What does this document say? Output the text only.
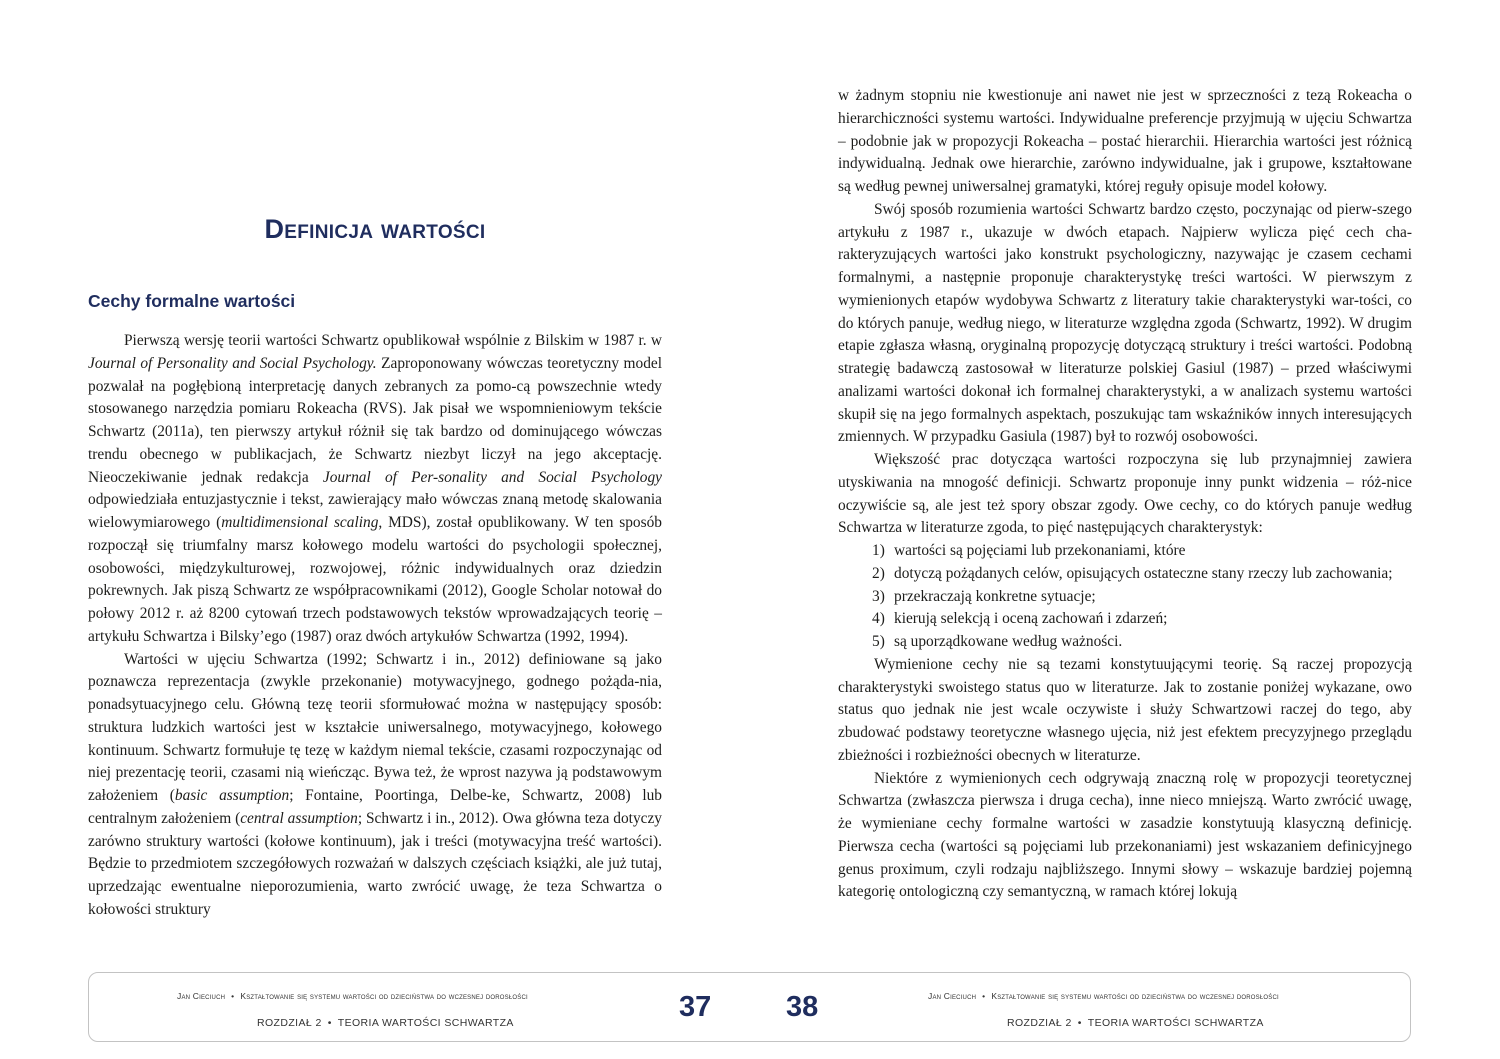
Definicja wartości
Cechy formalne wartości

Pierwszą wersję teorii wartości Schwartz opublikował wspólnie z Bilskim w 1987 r. w Journal of Personality and Social Psychology. Zaproponowany wówczas teoretyczny model pozwalał na pogłębioną interpretację danych zebranych za pomo-cą powszechnie wtedy stosowanego narzędzia pomiaru Rokeacha (RVS). Jak pisał we wspomnieniowym tekście Schwartz (2011a), ten pierwszy artykuł różnił się tak bardzo od dominującego wówczas trendu obecnego w publikacjach, że Schwartz niezbyt liczył na jego akceptację. Nieoczekiwanie jednak redakcja Journal of Per-sonality and Social Psychology odpowiedziała entuzjastycznie i tekst, zawierający mało wówczas znaną metodę skalowania wielowymiarowego (multidimensional scaling, MDS), został opublikowany. W ten sposób rozpoczął się triumfalny marsz kołowego modelu wartości do psychologii społecznej, osobowości, międzykulturowej, rozwojowej, różnic indywidualnych oraz dziedzin pokrewnych. Jak piszą Schwartz ze współpracownikami (2012), Google Scholar notował do połowy 2012 r. aż 8200 cytowań trzech podstawowych tekstów wprowadzających teorię – artykułu Schwartza i Bilsky’ego (1987) oraz dwóch artykułów Schwartza (1992, 1994).

Wartości w ujęciu Schwartza (1992; Schwartz i in., 2012) definiowane są jako poznawcza reprezentacja (zwykle przekonanie) motywacyjnego, godnego pożąda-nia, ponadsytuacyjnego celu. Główną tezę teorii sformułować można w następujący sposób: struktura ludzkich wartości jest w kształcie uniwersalnego, motywacyjnego, kołowego kontinuum. Schwartz formułuje tę tezę w każdym niemal tekście, czasami rozpoczynając od niej prezentację teorii, czasami nią wieńcząc. Bywa też, że wprost nazywa ją podstawowym założeniem (basic assumption; Fontaine, Poortinga, Delbe-ke, Schwartz, 2008) lub centralnym założeniem (central assumption; Schwartz i in., 2012). Owa główna teza dotyczy zarówno struktury wartości (kołowe kontinuum), jak i treści (motywacyjna treść wartości). Będzie to przedmiotem szczegółowych rozważań w dalszych częściach książki, ale już tutaj, uprzedzając ewentualne nieporozumienia, warto zwrócić uwagę, że teza Schwartza o kołowości struktury

w żadnym stopniu nie kwestionuje ani nawet nie jest w sprzeczności z tezą Rokeacha o hierarchiczności systemu wartości. Indywidualne preferencje przyjmują w ujęciu Schwartza – podobnie jak w propozycji Rokeacha – postać hierarchii. Hierarchia wartości jest różnicą indywidualną. Jednak owe hierarchie, zarówno indywidualne, jak i grupowe, kształtowane są według pewnej uniwersalnej gramatyki, której reguły opisuje model kołowy.

Swój sposób rozumienia wartości Schwartz bardzo często, poczynając od pierw-szego artykułu z 1987 r., ukazuje w dwóch etapach. Najpierw wylicza pięć cech cha-rakteryzujących wartości jako konstrukt psychologiczny, nazywając je czasem cechami formalnymi, a następnie proponuje charakterystykę treści wartości. W pierwszym z wymienionych etapów wydobywa Schwartz z literatury takie charakterystyki war-tości, co do których panuje, według niego, w literaturze względna zgoda (Schwartz, 1992). W drugim etapie zgłasza własną, oryginalną propozycję dotyczącą struktury i treści wartości. Podobną strategię badawczą zastosował w literaturze polskiej Gasiul (1987) – przed właściwymi analizami wartości dokonał ich formalnej charakterystyki, a w analizach systemu wartości skupił się na jego formalnych aspektach, poszukując tam wskaźników innych interesujących zmiennych. W przypadku Gasiula (1987) był to rozwój osobowości.

Większość prac dotycząca wartości rozpoczyna się lub przynajmniej zawiera utyskiwania na mnogość definicji. Schwartz proponuje inny punkt widzenia – róż-nice oczywiście są, ale jest też spory obszar zgody. Owe cechy, co do których panuje według Schwartza w literaturze zgoda, to pięć następujących charakterystyk:

1) wartości są pojęciami lub przekonaniami, które
2) dotyczą pożądanych celów, opisujących ostateczne stany rzeczy lub zachowania;
3) przekraczają konkretne sytuacje;
4) kierują selekcją i oceną zachowań i zdarzeń;
5) są uporządkowane według ważności.

Wymienione cechy nie są tezami konstytuującymi teorię. Są raczej propozycją charakterystyki swoistego status quo w literaturze. Jak to zostanie poniżej wykazane, owo status quo jednak nie jest wcale oczywiste i służy Schwartzowi raczej do tego, aby zbudować podstawy teoretyczne własnego ujęcia, niż jest efektem precyzyjnego przeglądu zbieżności i rozbieżności obecnych w literaturze.

Niektóre z wymienionych cech odgrywają znaczną rolę w propozycji teoretycznej Schwartza (zwłaszcza pierwsza i druga cecha), inne nieco mniejszą. Warto zwrócić uwagę, że wymieniane cechy formalne wartości w zasadzie konstytuują klasyczną definicję. Pierwsza cecha (wartości są pojęciami lub przekonaniami) jest wskazaniem definicyjnego genus proximum, czyli rodzaju najbliższego. Innymi słowy – wskazuje bardziej pojemną kategorię ontologiczną czy semantyczną, w ramach której lokują

Jan Cieciuch • Kształtowanie się systemu wartości od dzieciństwa do wczesnej dorosłości
ROZDZIAŁ 2 • TEORIA WARTOŚCI SCHWARTZA	37	38	Jan Cieciuch • Kształtowanie się systemu wartości od dzieciństwa do wczesnej dorosłości
ROZDZIAŁ 2 • TEORIA WARTOŚCI SCHWARTZA
